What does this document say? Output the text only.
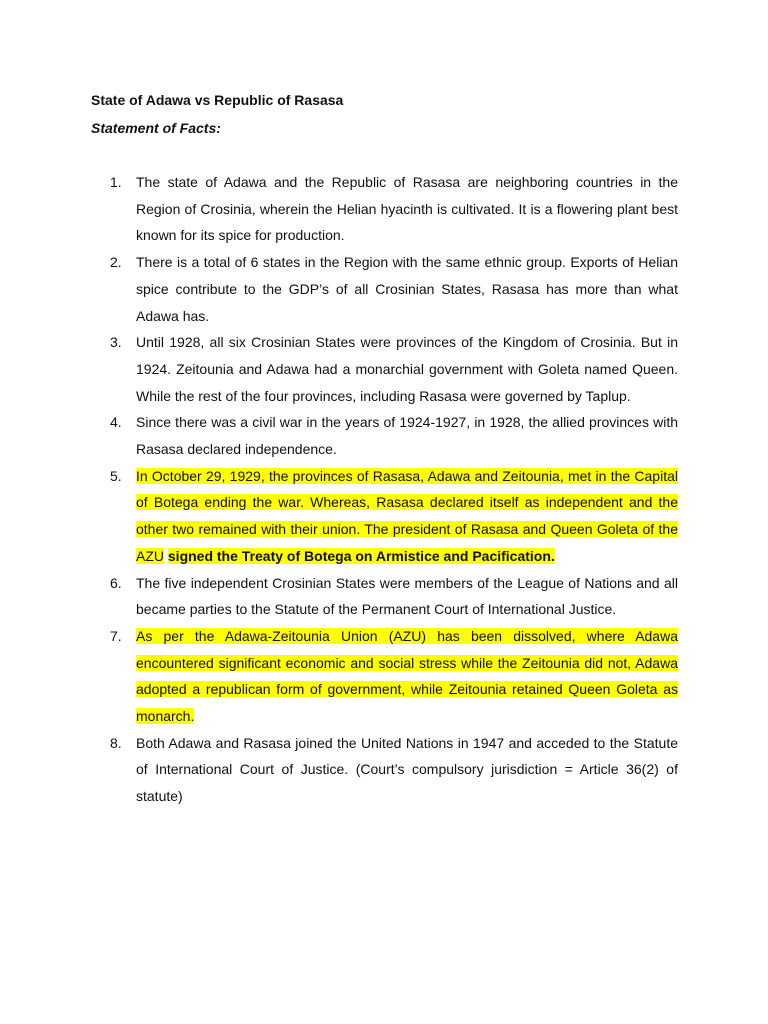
State of Adawa vs Republic of Rasasa
Statement of Facts:
1.	The state of Adawa and the Republic of Rasasa are neighboring countries in the Region of Crosinia, wherein the Helian hyacinth is cultivated. It is a flowering plant best known for its spice for production.
2.	There is a total of 6 states in the Region with the same ethnic group. Exports of Helian spice contribute to the GDP’s of all Crosinian States, Rasasa has more than what Adawa has.
3.	Until 1928, all six Crosinian States were provinces of the Kingdom of Crosinia. But in 1924. Zeitounia and Adawa had a monarchial government with Goleta named Queen. While the rest of the four provinces, including Rasasa were governed by Taplup.
4.	Since there was a civil war in the years of 1924-1927, in 1928, the allied provinces with Rasasa declared independence.
5.	In October 29, 1929, the provinces of Rasasa, Adawa and Zeitounia, met in the Capital of Botega ending the war. Whereas, Rasasa declared itself as independent and the other two remained with their union. The president of Rasasa and Queen Goleta of the AZU signed the Treaty of Botega on Armistice and Pacification.
6.	The five independent Crosinian States were members of the League of Nations and all became parties to the Statute of the Permanent Court of International Justice.
7.	As per the Adawa-Zeitounia Union (AZU) has been dissolved, where Adawa encountered significant economic and social stress while the Zeitounia did not, Adawa adopted a republican form of government, while Zeitounia retained Queen Goleta as monarch.
8.	Both Adawa and Rasasa joined the United Nations in 1947 and acceded to the Statute of International Court of Justice. (Court’s compulsory jurisdiction = Article 36(2) of statute)
